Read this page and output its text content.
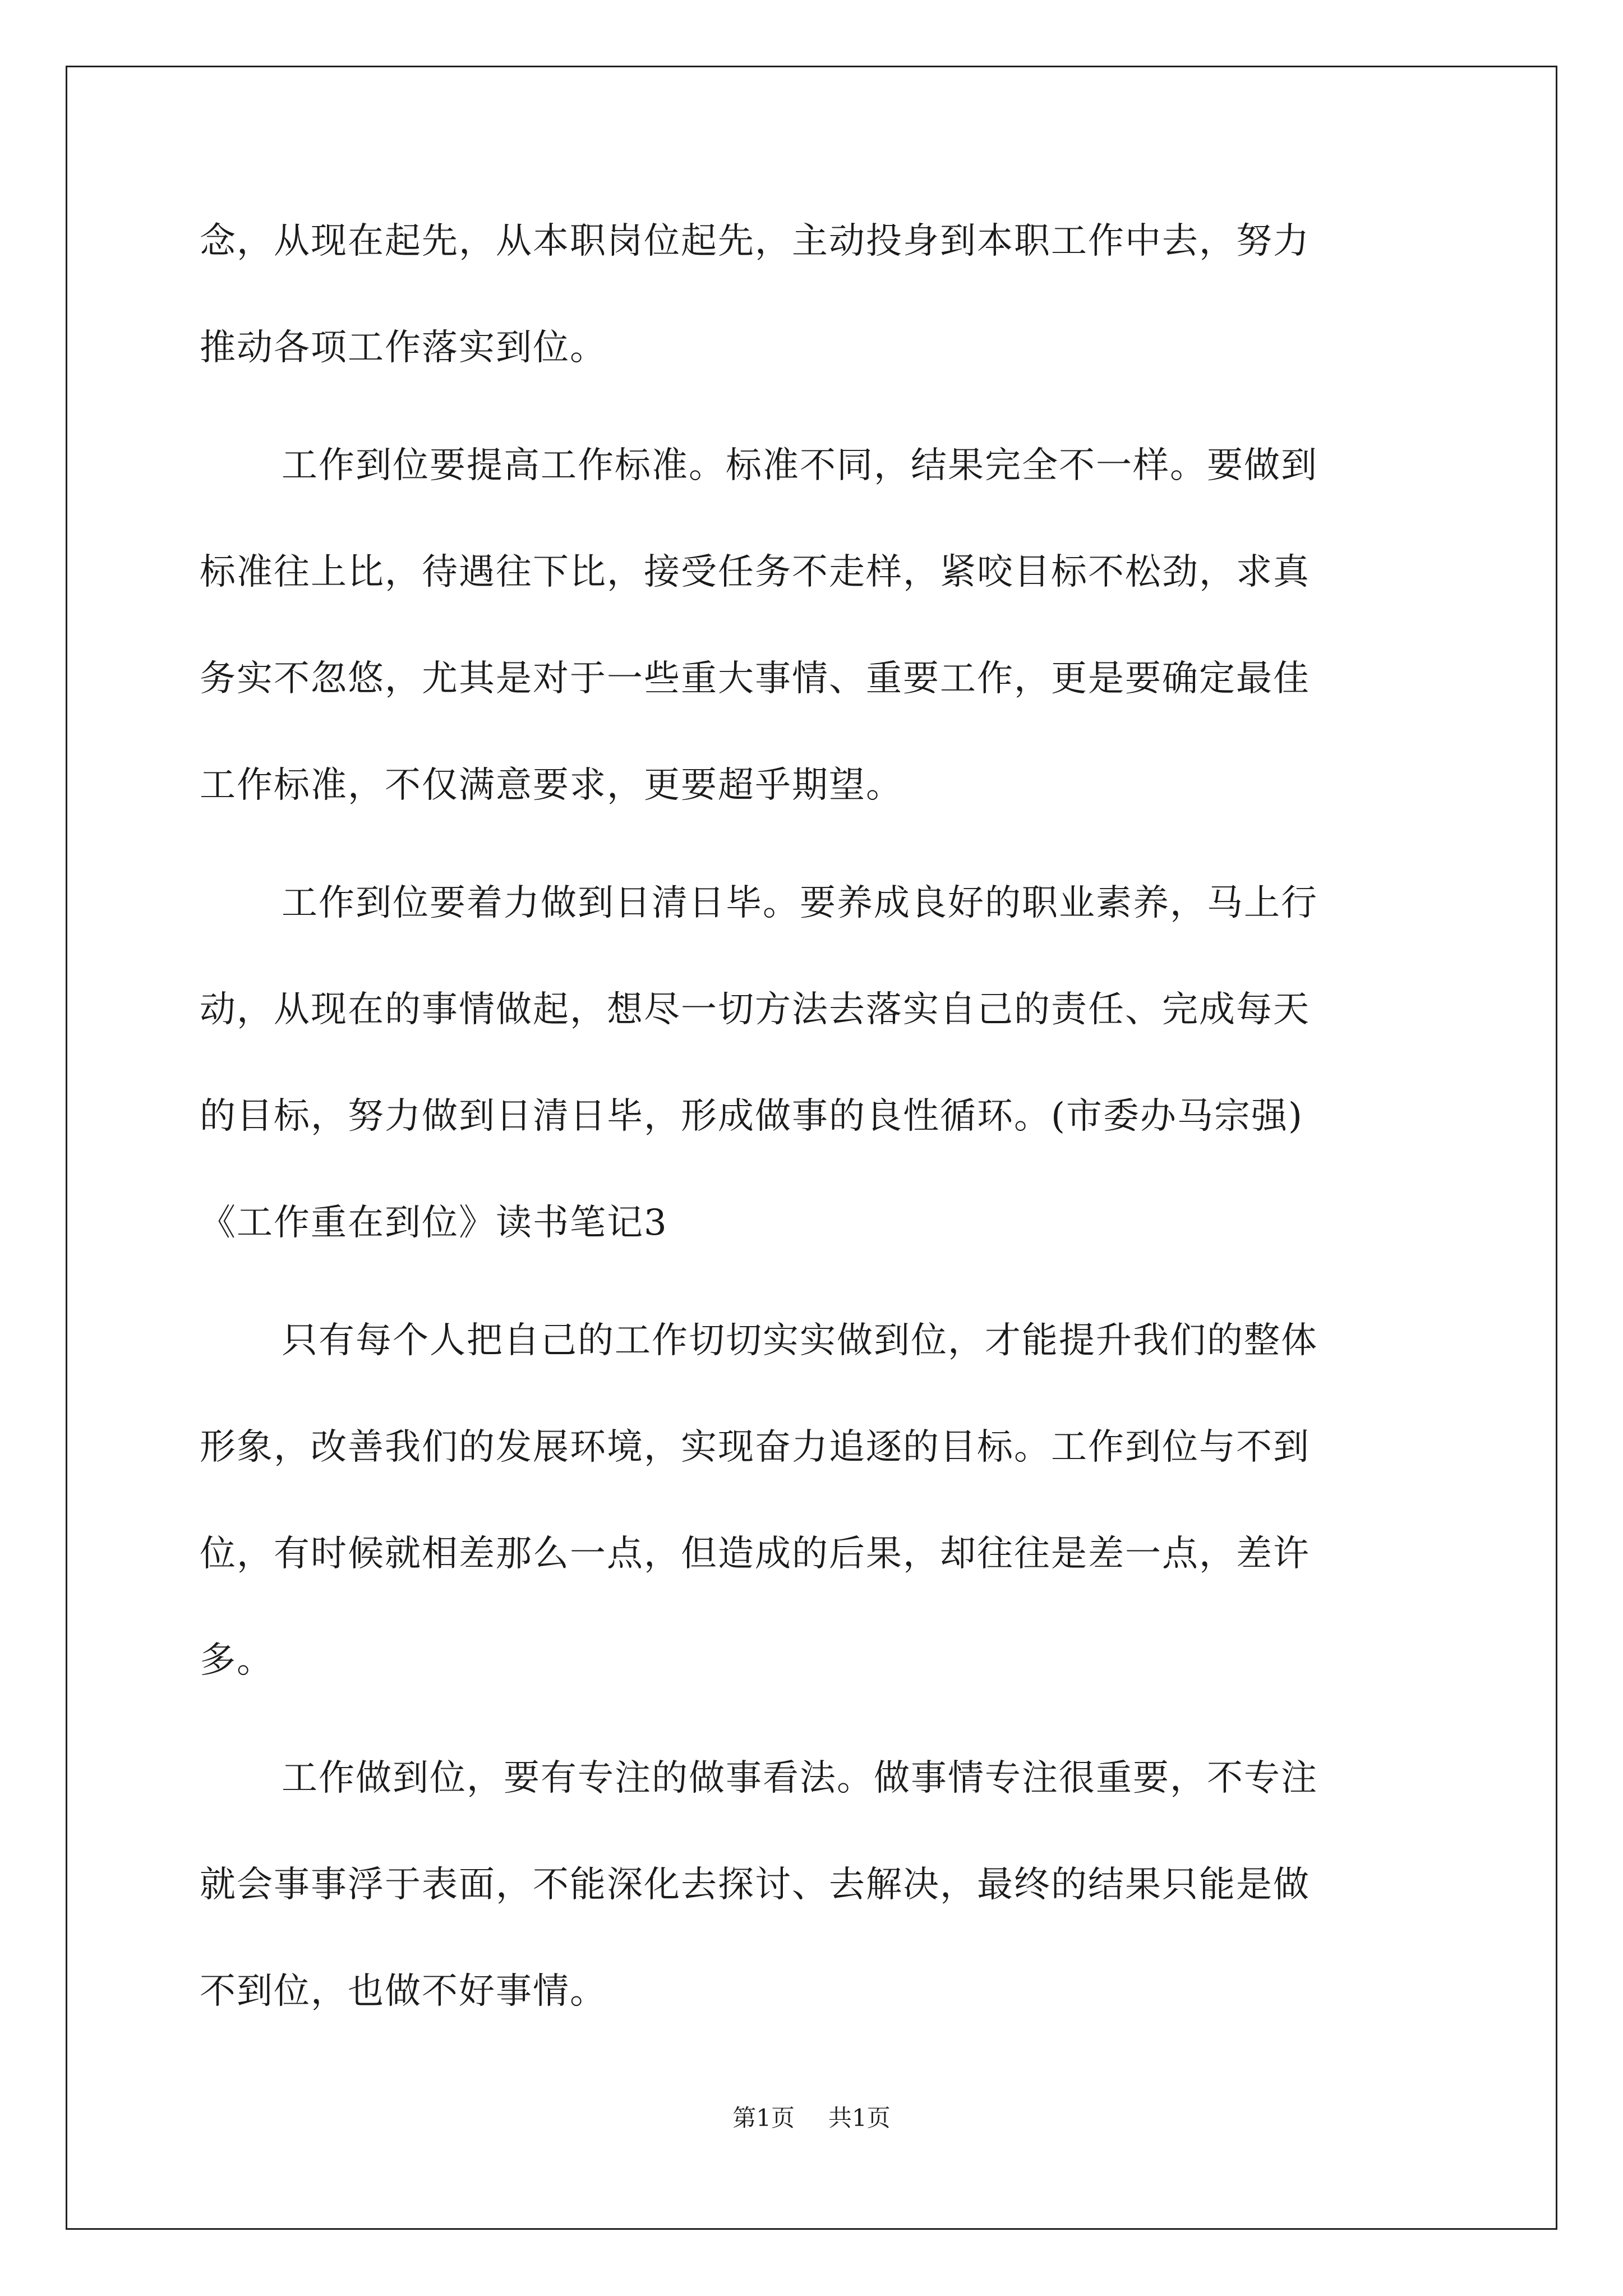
念，从现在起先，从本职岗位起先，主动投身到本职工作中去，努力
推动各项工作落实到位。
工作到位要提高工作标准。标准不同，结果完全不一样。要做到
标准往上比，待遇往下比，接受任务不走样，紧咬目标不松劲，求真
务实不忽悠，尤其是对于一些重大事情、重要工作，更是要确定最佳
工作标准，不仅满意要求，更要超乎期望。
工作到位要着力做到日清日毕。要养成良好的职业素养，马上行
动，从现在的事情做起，想尽一切方法去落实自己的责任、完成每天
的目标，努力做到日清日毕，形成做事的良性循环。(市委办马宗强)
《工作重在到位》读书笔记3
只有每个人把自己的工作切切实实做到位，才能提升我们的整体
形象，改善我们的发展环境，实现奋力追逐的目标。工作到位与不到
位，有时候就相差那么一点，但造成的后果，却往往是差一点，差许
多。
工作做到位，要有专注的做事看法。做事情专注很重要，不专注
就会事事浮于表面，不能深化去探讨、去解决，最终的结果只能是做
不到位，也做不好事情。
第1页 共1页
